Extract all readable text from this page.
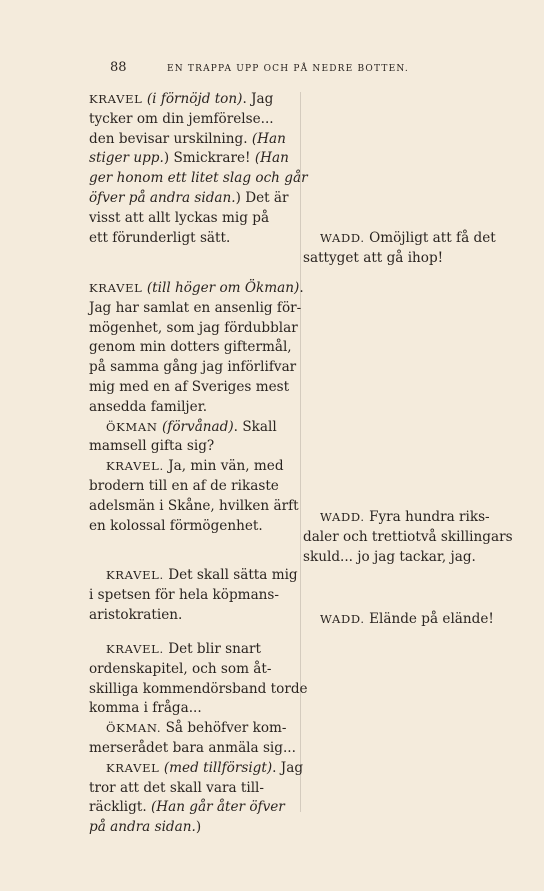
88	EN TRAPPA UPP OCH PÅ NEDRE BOTTEN.
KRAVEL (i förnöjd ton). Jag
tycker om din jemförelse...
den bevisar urskilning. (Han
stiger upp.) Smickrare! (Han
ger honom ett litet slag och går
öfver på andra sidan.) Det är
visst att allt lyckas mig på
ett förunderligt sätt.
KRAVEL (till höger om Ökman).
Jag har samlat en ansenlig för-
mögenhet, som jag fördubblar
genom min dotters giftermål,
på samma gång jag införlifvar
mig med en af Sveriges mest
ansedda familjer.
ÖKMAN (förvånad). Skall
mamsell gifta sig?
KRAVEL. Ja, min vän, med
brodern till en af de rikaste
adelsmän i Skåne, hvilken ärft
en kolossal förmögenhet.
KRAVEL. Det skall sätta mig
i spetsen för hela köpmans-
aristokratien.
KRAVEL. Det blir snart
ordenskapitel, och som åt-
skilliga kommendörsband torde
komma i fråga...
ÖKMAN. Så behöfver kom-
merserådet bara anmäla sig...
KRAVEL (med tillförsigt). Jag
tror att det skall vara till-
räckligt. (Han går åter öfver
på andra sidan.)
WADD. Omöjligt att få det
sattyget att gå ihop!
WADD. Fyra hundra riks-
daler och trettiotvå skillingars
skuld... jo jag tackar, jag.
WADD. Elände på elände!
